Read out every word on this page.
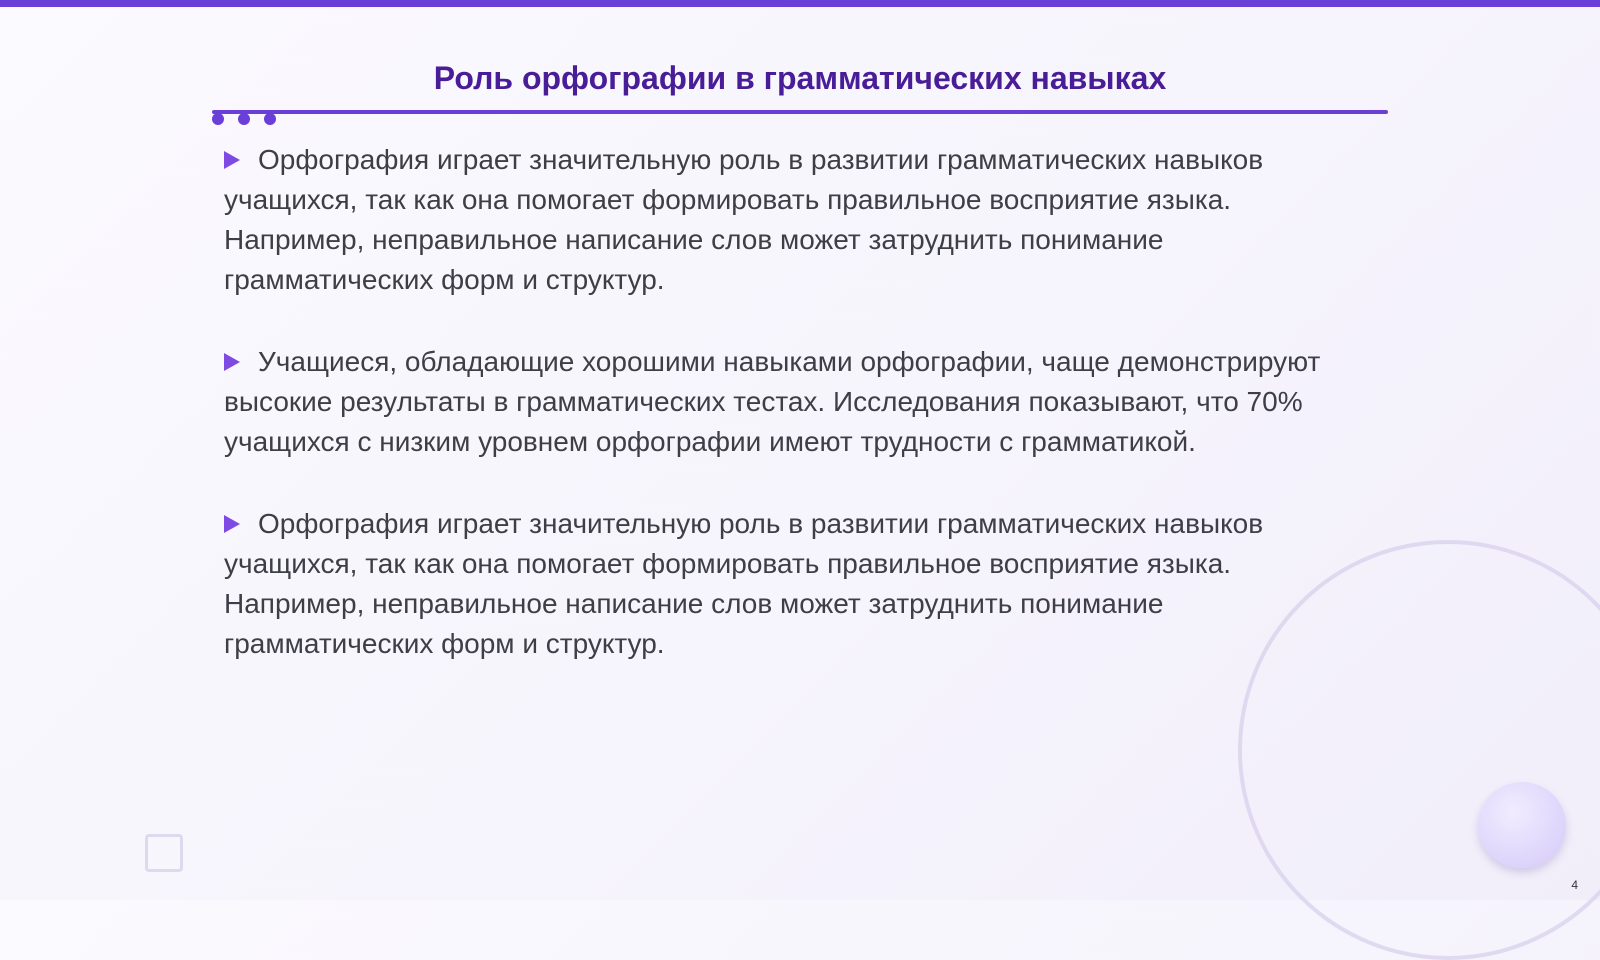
Роль орфографии в грамматических навыках
Орфография играет значительную роль в развитии грамматических навыков учащихся, так как она помогает формировать правильное восприятие языка. Например, неправильное написание слов может затруднить понимание грамматических форм и структур.
Учащиеся, обладающие хорошими навыками орфографии, чаще демонстрируют высокие результаты в грамматических тестах. Исследования показывают, что 70% учащихся с низким уровнем орфографии имеют трудности с грамматикой.
Орфография играет значительную роль в развитии грамматических навыков учащихся, так как она помогает формировать правильное восприятие языка. Например, неправильное написание слов может затруднить понимание грамматических форм и структур.
4
